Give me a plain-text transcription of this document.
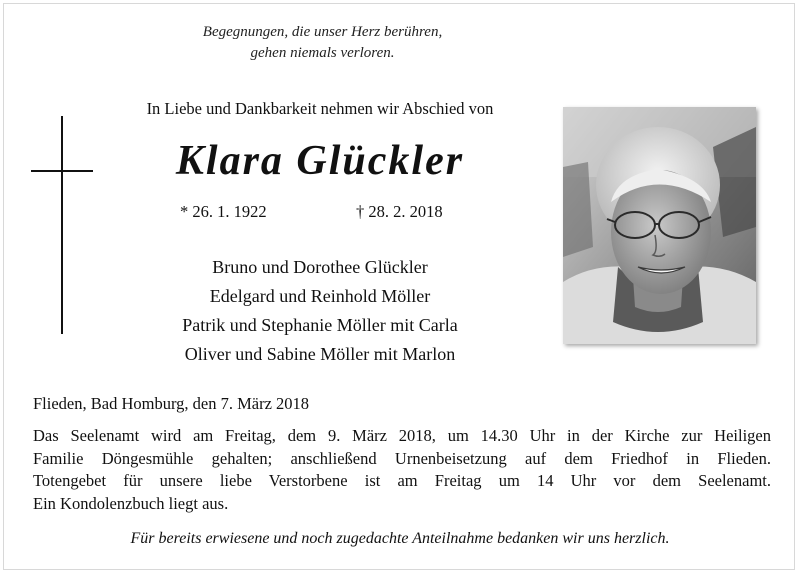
Begegnungen, die unser Herz berühren,
gehen niemals verloren.
In Liebe und Dankbarkeit nehmen wir Abschied von
Klara Glückler
* 26. 1. 1922	† 28. 2. 2018
Bruno und Dorothee Glückler
Edelgard und Reinhold Möller
Patrik und Stephanie Möller mit Carla
Oliver und Sabine Möller mit Marlon
Flieden, Bad Homburg, den 7. März 2018
Das Seelenamt wird am Freitag, dem 9. März 2018, um 14.30 Uhr in der Kirche zur Heiligen
Familie Döngesmühle gehalten; anschließend Urnenbeisetzung auf dem Friedhof in Flieden.
Totengebet für unsere liebe Verstorbene ist am Freitag um 14 Uhr vor dem Seelenamt.
Ein Kondolenzbuch liegt aus.
Für bereits erwiesene und noch zugedachte Anteilnahme bedanken wir uns herzlich.
